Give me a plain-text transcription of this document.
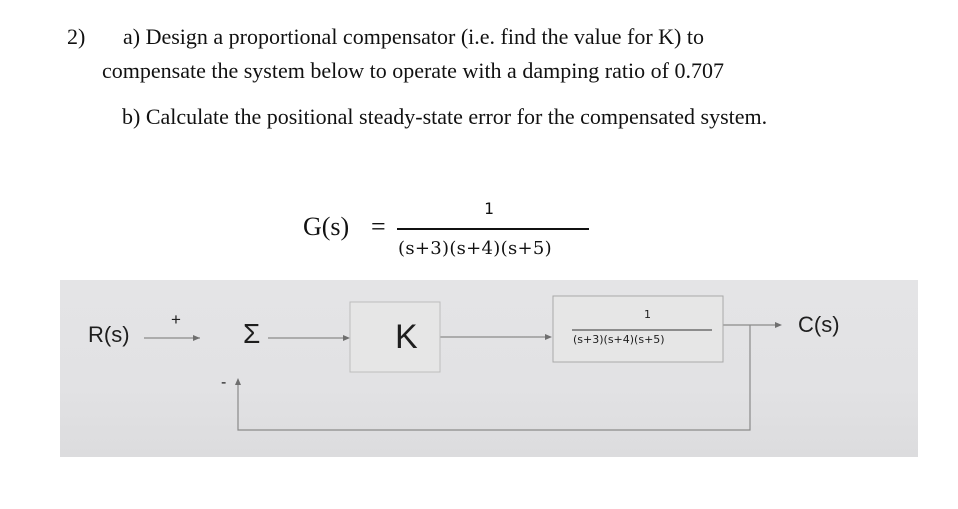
2) a) Design a proportional compensator (i.e. find the value for K) to
compensate the system below to operate with a damping ratio of 0.707
b) Calculate the positional steady-state error for the compensated system.
G(s) =
1
(s+3)(s+4)(s+5)
R(s)
+ Σ
-
K
1
(s+3)(s+4)(s+5)
C(s)
